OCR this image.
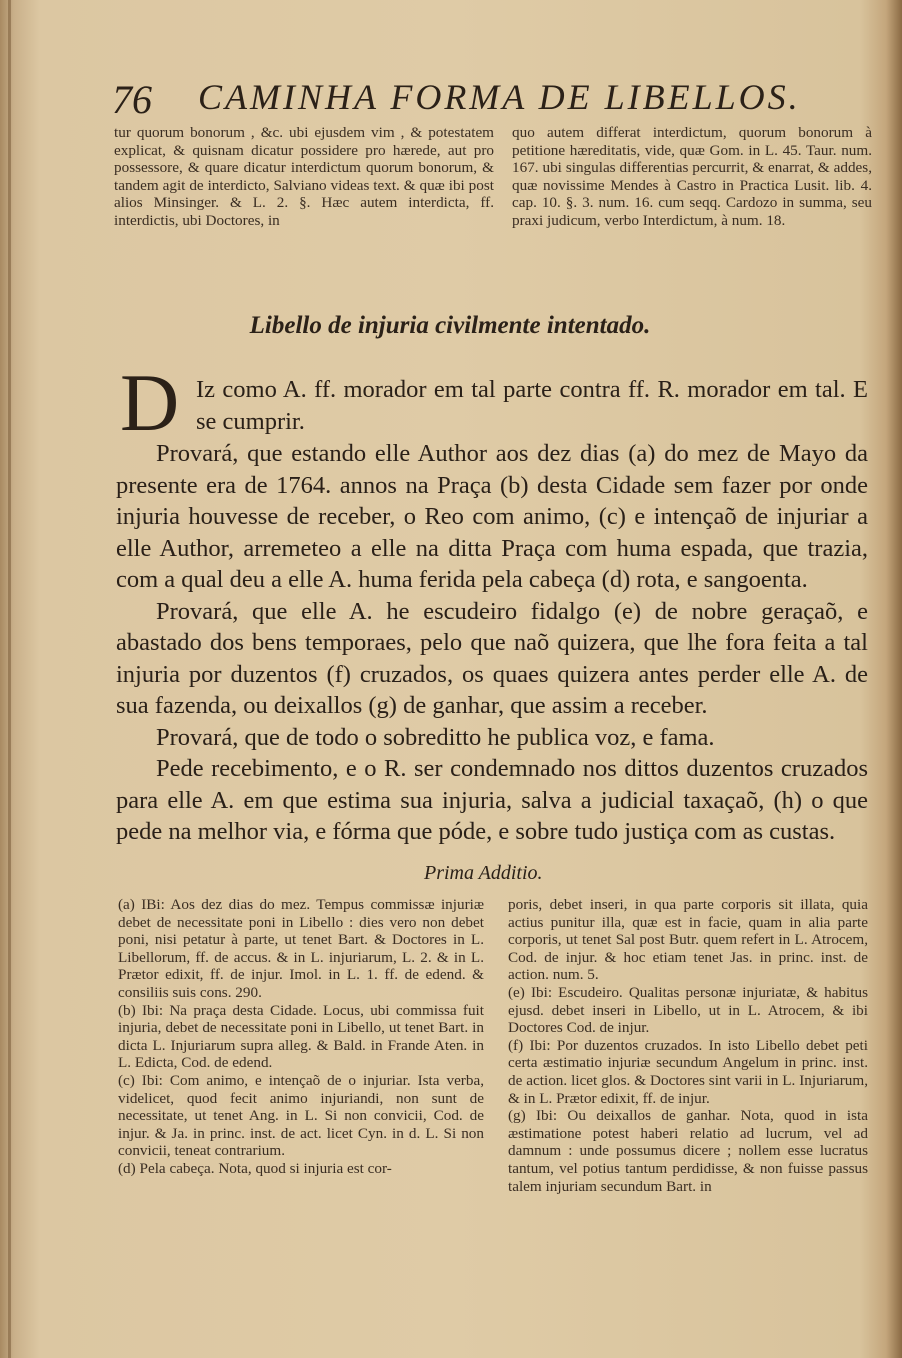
76 CAMINHA FORMA DE LIBELLOS.

tur quorum bonorum , &c. ubi ejusdem vim , & potestatem explicat, & quisnam dicatur possidere pro hærede, aut pro possessore, & quare dicatur interdictum quorum bonorum, & tandem agit de interdicto, Salviano videas text. & quæ ibi post alios Minsinger. & L. 2. §. Hæc autem interdicta, ff. interdictis, ubi Doctores, in

quo autem differat interdictum, quorum bonorum à petitione hæreditatis, vide, quæ Gom. in L. 45. Taur. num. 167. ubi singulas differentias percurrit, & enarrat, & addes, quæ novissime Mendes à Castro in Practica Lusit. lib. 4. cap. 10. §. 3. num. 16. cum seqq. Cardozo in summa, seu praxi judicum, verbo Interdictum, à num. 18.

Libello de injuria civilmente intentado.
D Iz como A. ff. morador em tal parte contra ff. R. morador em tal. E se cumprir.

Provará, que estando elle Author aos dez dias (a) do mez de Mayo da presente era de 1764. annos na Praça (b) desta Cidade sem fazer por onde injuria houvesse de receber, o Reo com animo, (c) e intençaõ de injuriar a elle Author, arremeteo a elle na ditta Praça com huma espada, que trazia, com a qual deu a elle A. huma ferida pela cabeça (d) rota, e sangoenta.

Provará, que elle A. he escudeiro fidalgo (e) de nobre geraçaõ, e abastado dos bens temporaes, pelo que naõ quizera, que lhe fora feita a tal injuria por duzentos (f) cruzados, os quaes quizera antes perder elle A. de sua fazenda, ou deixallos (g) de ganhar, que assim a receber.

Provará, que de todo o sobreditto he publica voz, e fama.

Pede recebimento, e o R. ser condemnado nos dittos duzentos cruzados para elle A. em que estima sua injuria, salva a judicial taxaçaõ, (h) o que pede na melhor via, e fórma que póde, e sobre tudo justiça com as custas.

Prima Additio.

(a) IBi: Aos dez dias do mez. Tempus commissæ injuriæ debet de necessitate poni in Libello : dies vero non debet poni, nisi petatur à parte, ut tenet Bart. & Doctores in L. Libellorum, ff. de accus. & in L. injuriarum, L. 2. & in L. Prætor edixit, ff. de injur. Imol. in L. 1. ff. de edend. & consiliis suis cons. 290.

(b) Ibi: Na praça desta Cidade. Locus, ubi commissa fuit injuria, debet de necessitate poni in Libello, ut tenet Bart. in dicta L. Injuriarum supra alleg. & Bald. in Frande Aten. in L. Edicta, Cod. de edend.

(c) Ibi: Com animo, e intençaõ de o injuriar. Ista verba, videlicet, quod fecit animo injuriandi, non sunt de necessitate, ut tenet Ang. in L. Si non convicii, Cod. de injur. & Ja. in princ. inst. de act. licet Cyn. in d. L. Si non convicii, teneat contrarium.

(d) Pela cabeça. Nota, quod si injuria est cor-

poris, debet inseri, in qua parte corporis sit illata, quia actius punitur illa, quæ est in facie, quam in alia parte corporis, ut tenet Sal post Butr. quem refert in L. Atrocem, Cod. de injur. & hoc etiam tenet Jas. in princ. inst. de action. num. 5.

(e) Ibi: Escudeiro. Qualitas personæ injuriatæ, & habitus ejusd. debet inseri in Libello, ut in L. Atrocem, & ibi Doctores Cod. de injur.

(f) Ibi: Por duzentos cruzados. In isto Libello debet peti certa æstimatio injuriæ secundum Angelum in princ. inst. de action. licet glos. & Doctores sint varii in L. Injuriarum, & in L. Prætor edixit, ff. de injur.

(g) Ibi: Ou deixallos de ganhar. Nota, quod in ista æstimatione potest haberi relatio ad lucrum, vel ad damnum : unde possumus dicere ; nollem esse lucratus tantum, vel potius tantum perdidisse, & non fuisse passus talem injuriam secundum Bart. in
